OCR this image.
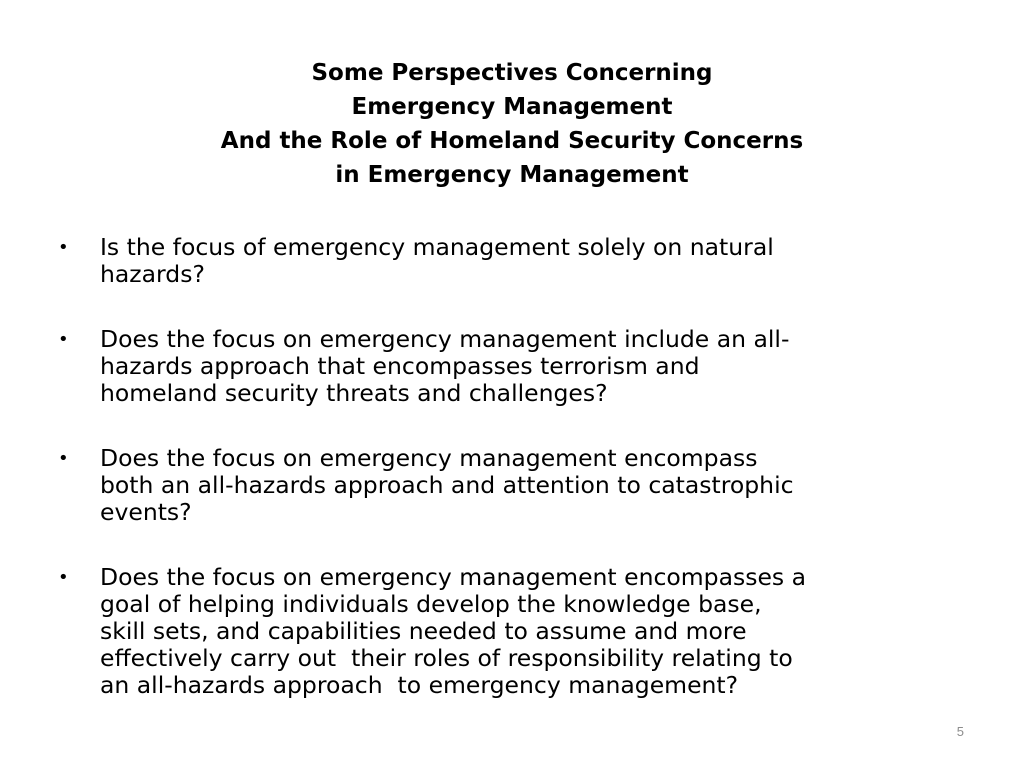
Some Perspectives Concerning
Emergency Management
And the Role of Homeland Security Concerns
in Emergency Management
• Is the focus of emergency management solely on natural
hazards?
• Does the focus on emergency management include an all-
hazards approach that encompasses terrorism and
homeland security threats and challenges?
• Does the focus on emergency management encompass
both an all-hazards approach and attention to catastrophic
events?
• Does the focus on emergency management encompasses a
goal of helping individuals develop the knowledge base,
skill sets, and capabilities needed to assume and more
effectively carry out  their roles of responsibility relating to
an all-hazards approach  to emergency management?
5
